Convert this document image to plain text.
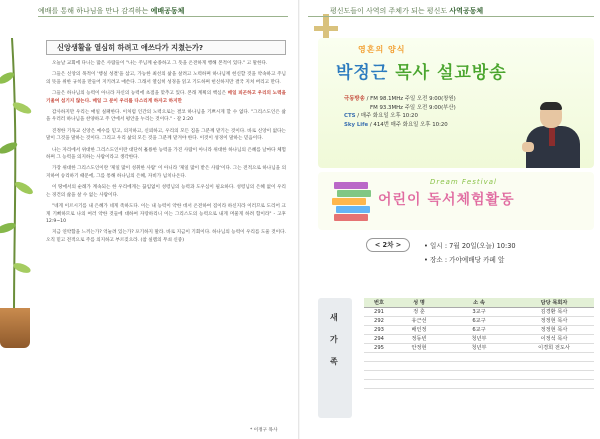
예배를 통해 하나님을 만나 감격하는 예배공동체
신앙생활을 열심히 하려고 애쓰다가 지쳤는가?

오늘날 교회에 다니는 많은 사람들이 "나는 주님께 순종하고 그 뜻을 온전하게 행해 본적이 있다." 고 말한다.

그들은 신앙의 목적이 '행실 성결'을 삼고, 가능한 최선의 삶을 살려고 노력하며 하나님께 헌신할 것을 약속하고 주님의 뜻을 위한 규칙을 만들어 지키려고 애쓴다. 그래서 열심히 성경을 읽고 기도하며 헌신하지만 결국 지쳐 버리고 만다.

그들은 하나님의 능력이 아니라 자신의 능력에 초점을 맞추고 있다. 본래 계획의 핵심은 매일 피곤하고 우리의 노력을 기울여 섬기지 않는다. 매일 그 분이 우리를 다스리게 하자고 하지만

감사하지만 우리는 매일 실패한다. 이처럼 인간의 노력으로는 결코 하나님을 기쁘시게 할 수 없다. "그리스도인은 삶을 우러러 하나님을 찬양하고 주 안에서 평안을 누리는 것이다." - 갈 2:20

진정한 기독교 신앙은 예수를 믿고, 의지하고, 신뢰하고, 우리의 모든 짐을 그분께 맡기는 것이다. 바로 신앙이 없다는 말이 그것을 말하는 것이다. 그리고 우리 삶의 모든 것을 그분께 맡겨야 한다. 이것이 성경이 말하는 믿음이다.

나는 자리에서 위대한 그리스도인이란 대단히 훌륭한 능력을 가진 사람이 아니라 위대한 하나님의 은혜를 날마다 체험하며 그 능력을 의지하는 사람이라고 생각한다.

가장 위대한 그리스도인이란 '제일 많이 성취한 사람' 이 아니라 '제일 많이 받은 사람'이다. 그는 전적으로 하나님을 의지하여 승리하기 때문에, 그를 통해 하나님의 은혜, 자비가 넘치나온다.

이 땅에서의 순례가 계속되는 한 우리에게는 끊임없이 성령님의 능력과 도우심이 필요하다. 성령님의 은혜 없이 우리는 경건의 삶을 살 수 없는 사람이다.

"네게 이르시기를 내 은혜가 네게 족하도다. 이는 내 능력이 약한 데서 온전하여 짐이라 하신지라 이러므로 도리어 크게 기뻐하므로 나의 여러 약한 것들에 대하여 자랑하리니 이는 그리스도의 능력으로 내게 머물게 하려 함이라" - 고후 12:9~10

지금 연약함을 느끼는가? 억눌려 있는가? 포기하지 말라. 바로 지금이 기회이다. 하나님의 능력이 우리를 도울 것이다. 오직 믿고 전적으로 주를 의지하고 부르짖으라. (참 실렘의 무쇠 신중)

* 이정구 목사
평신도들이 사역의 주체가 되는 평신도 사역공동체
영혼의 양식
박정근 목사 설교방송
극동방송 / FM 98.1MHz 주일 오전 9:00(창원)
FM 93.3MHz 주일 오전 9:00(부산)
CTS / 매주 화요일 오후 10:20
Sky Life / 414번 매주 화요일 오후 10:20
Dream Festival
어린이 독서체험활동
< 2차 >	• 일시 : 7월 20일(오늘) 10:30
• 장소 : 가야예배당 카페 앞
새
가
족
번호	성 명	소 속	담당 목회자
291	정 훈	3교구	김경환 목사
292	유근선	6교구	정정현 목사
293	배인정	6교구	정정현 목사
294	정동빈	청년부	이정석 목사
295	안정현	청년부	이경희 전도사
